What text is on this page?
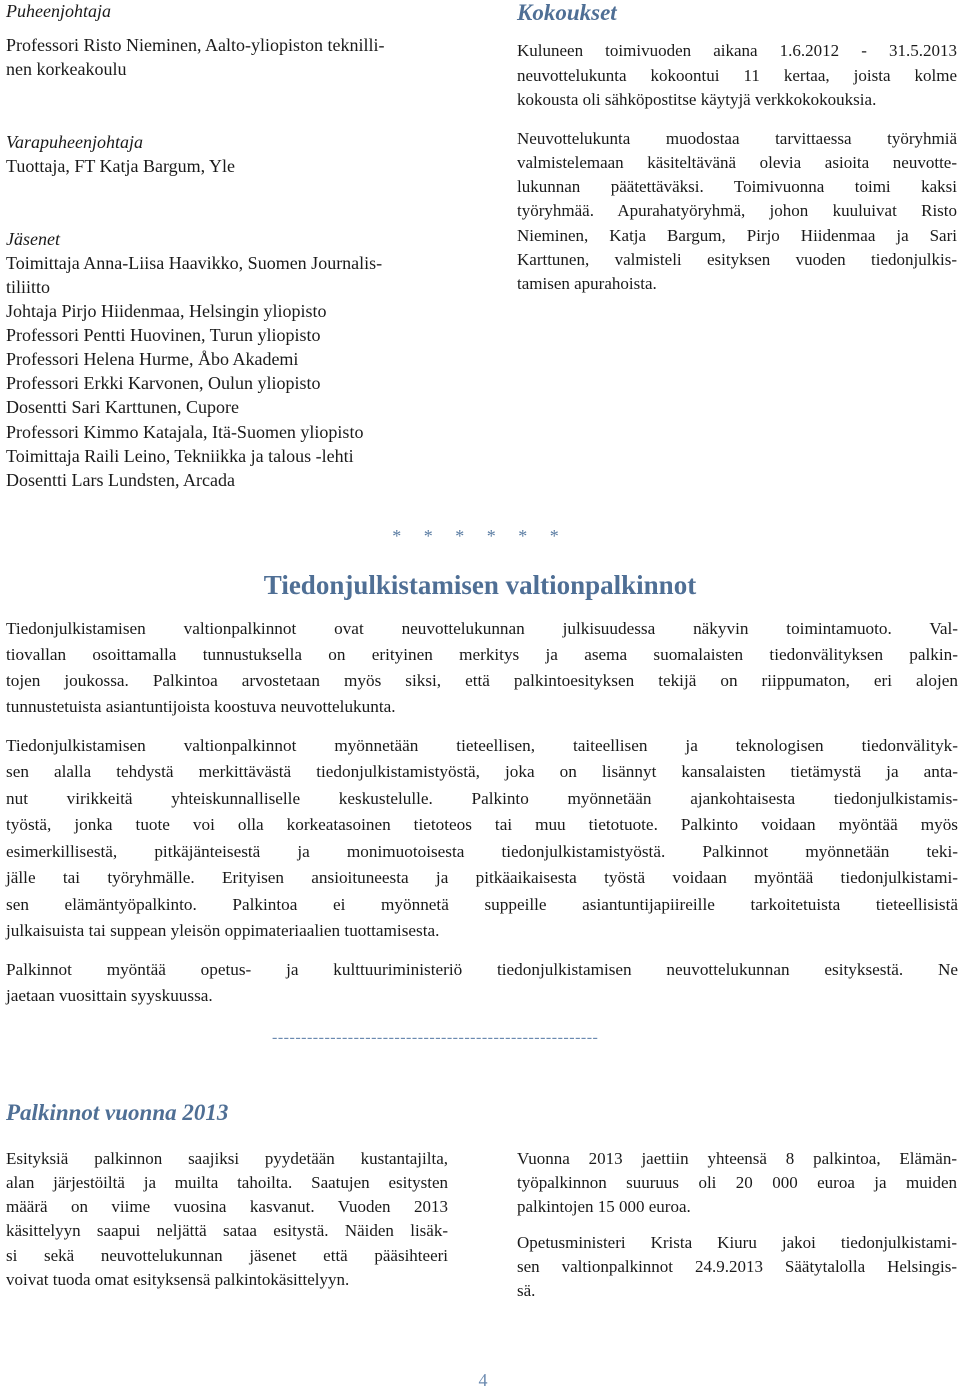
Puheenjohtaja
Professori Risto Nieminen, Aalto-yliopiston teknilli-
nen korkeakoulu
Varapuheenjohtaja
Tuottaja, FT Katja Bargum, Yle
Jäsenet
Toimittaja Anna-Liisa Haavikko, Suomen Journalis-
tiliitto
Johtaja Pirjo Hiidenmaa, Helsingin yliopisto
Professori Pentti Huovinen, Turun yliopisto
Professori Helena Hurme, Åbo Akademi
Professori Erkki Karvonen, Oulun yliopisto
Dosentti Sari Karttunen, Cupore
Professori Kimmo Katajala, Itä-Suomen yliopisto
Toimittaja Raili Leino, Tekniikka ja talous -lehti
Dosentti Lars Lundsten, Arcada
Kokoukset
Kuluneen toimivuoden aikana 1.6.2012 - 31.5.2013
neuvottelukunta kokoontui 11 kertaa, joista kolme
kokousta oli sähköpostitse käytyjä verkkokokouksia.
Neuvottelukunta muodostaa tarvittaessa työryhmiä
valmistelemaan käsiteltävänä olevia asioita neuvotte-
lukunnan päätettäväksi. Toimivuonna toimi kaksi
työryhmää. Apurahatyöryhmä, johon kuuluivat Risto
Nieminen, Katja Bargum, Pirjo Hiidenmaa ja Sari
Karttunen, valmisteli esityksen vuoden tiedonjulkis-
tamisen apurahoista.
* * * * * *
Tiedonjulkistamisen valtionpalkinnot
Tiedonjulkistamisen valtionpalkinnot ovat neuvottelukunnan julkisuudessa näkyvin toimintamuoto. Val-
tiovallan osoittamalla tunnustuksella on erityinen merkitys ja asema suomalaisten tiedonvälityksen palkin-
tojen joukossa. Palkintoa arvostetaan myös siksi, että palkintoesityksen tekijä on riippumaton, eri alojen
tunnustetuista asiantuntijoista koostuva neuvottelukunta.
Tiedonjulkistamisen valtionpalkinnot myönnetään tieteellisen, taiteellisen ja teknologisen tiedonvälityk-
sen alalla tehdystä merkittävästä tiedonjulkistamistyöstä, joka on lisännyt kansalaisten tietämystä ja anta-
nut virikkeitä yhteiskunnalliselle keskustelulle. Palkinto myönnetään ajankohtaisesta tiedonjulkistamis-
työstä, jonka tuote voi olla korkeatasoinen tietoteos tai muu tietotuote. Palkinto voidaan myöntää myös
esimerkillisestä, pitkäjänteisestä ja monimuotoisesta tiedonjulkistamistyöstä. Palkinnot myönnetään teki-
jälle tai työryhmälle. Erityisen ansioituneesta ja pitkäaikaisesta työstä voidaan myöntää tiedonjulkistami-
sen elämäntyöpalkinto. Palkintoa ei myönnetä suppeille asiantuntijapiireille tarkoitetuista tieteellisistä
julkaisuista tai suppean yleisön oppimateriaalien tuottamisesta.
Palkinnot myöntää opetus- ja kulttuuriministeriö tiedonjulkistamisen neuvottelukunnan esityksestä. Ne
jaetaan vuosittain syyskuussa.
--------------------------------------------------------
Palkinnot vuonna 2013
Esityksiä palkinnon saajiksi pyydetään kustantajilta,
alan järjestöiltä ja muilta tahoilta. Saatujen esitysten
määrä on viime vuosina kasvanut. Vuoden 2013
käsittelyyn saapui neljättä sataa esitystä. Näiden lisäk-
si sekä neuvottelukunnan jäsenet että pääsihteeri
voivat tuoda omat esityksensä palkintokäsittelyyn.
Vuonna 2013 jaettiin yhteensä 8 palkintoa, Elämän-
työpalkinnon suuruus oli 20 000 euroa ja muiden
palkintojen 15 000 euroa.
Opetusministeri Krista Kiuru jakoi tiedonjulkistami-
sen valtionpalkinnot 24.9.2013 Säätytalolla Helsingis-
sä.
4
